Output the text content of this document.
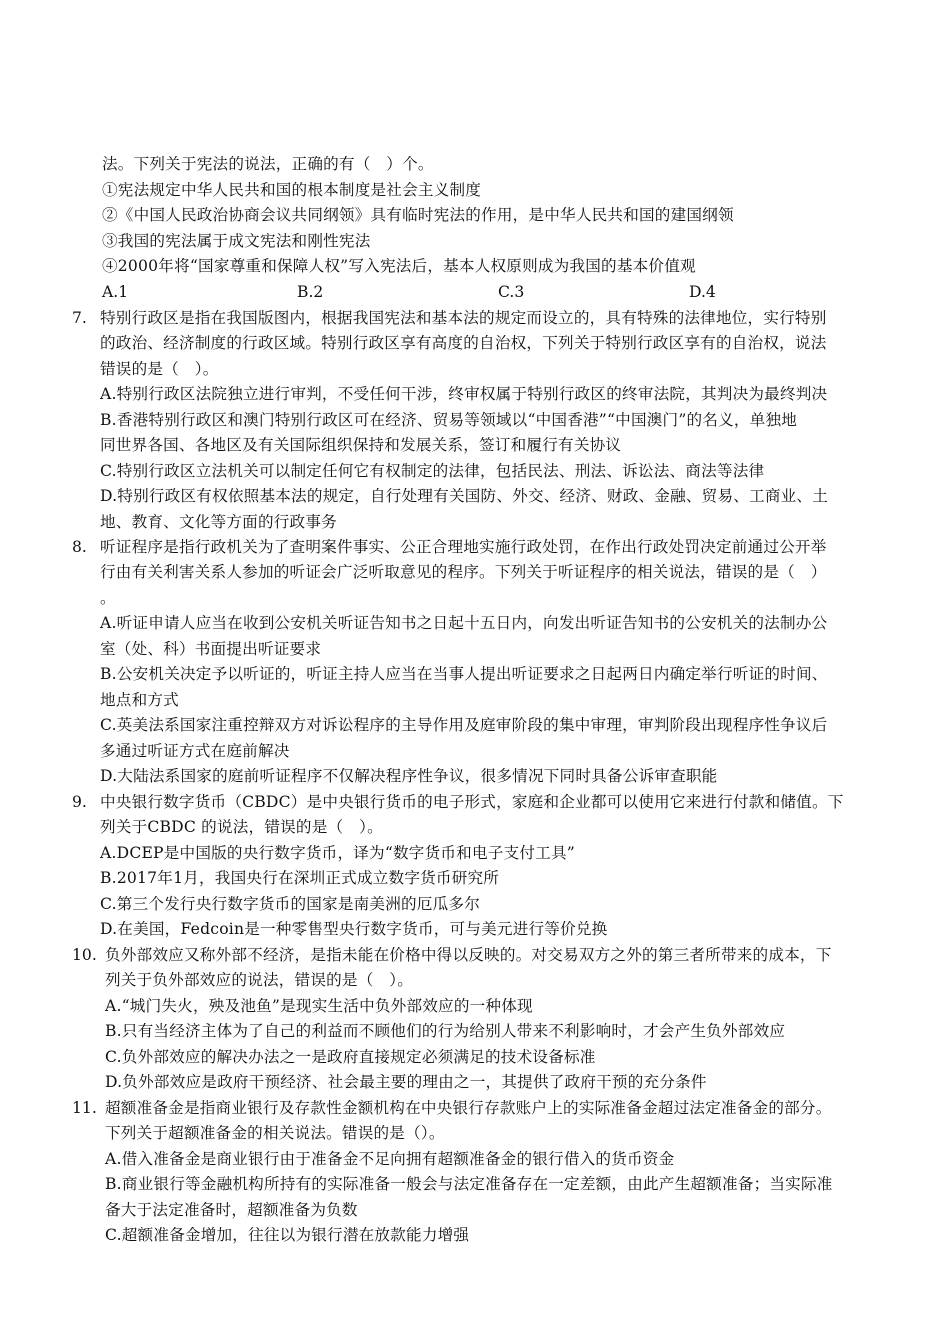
法。下列关于宪法的说法，正确的有（　）个。
①宪法规定中华人民共和国的根本制度是社会主义制度
②《中国人民政治协商会议共同纲领》具有临时宪法的作用，是中华人民共和国的建国纲领
③我国的宪法属于成文宪法和刚性宪法
④2000年将“国家尊重和保障人权”写入宪法后，基本人权原则成为我国的基本价值观
A.1	B.2	C.3	D.4
7. 特别行政区是指在我国版图内，根据我国宪法和基本法的规定而设立的，具有特殊的法律地位，实行特别
的政治、经济制度的行政区域。特别行政区享有高度的自治权，下列关于特别行政区享有的自治权，说法
错误的是（　）。
A.特别行政区法院独立进行审判，不受任何干涉，终审权属于特别行政区的终审法院，其判决为最终判决
B.香港特别行政区和澳门特别行政区可在经济、贸易等领域以“中国香港”“中国澳门”的名义，单独地
同世界各国、各地区及有关国际组织保持和发展关系，签订和履行有关协议
C.特别行政区立法机关可以制定任何它有权制定的法律，包括民法、刑法、诉讼法、商法等法律
D.特别行政区有权依照基本法的规定，自行处理有关国防、外交、经济、财政、金融、贸易、工商业、土
地、教育、文化等方面的行政事务
8. 听证程序是指行政机关为了查明案件事实、公正合理地实施行政处罚，在作出行政处罚决定前通过公开举
行由有关利害关系人参加的听证会广泛听取意见的程序。下列关于听证程序的相关说法，错误的是（　）
。
A.听证申请人应当在收到公安机关听证告知书之日起十五日内，向发出听证告知书的公安机关的法制办公
室（处、科）书面提出听证要求
B.公安机关决定予以听证的，听证主持人应当在当事人提出听证要求之日起两日内确定举行听证的时间、
地点和方式
C.英美法系国家注重控辩双方对诉讼程序的主导作用及庭审阶段的集中审理，审判阶段出现程序性争议后
多通过听证方式在庭前解决
D.大陆法系国家的庭前听证程序不仅解决程序性争议，很多情况下同时具备公诉审查职能
9. 中央银行数字货币（CBDC）是中央银行货币的电子形式，家庭和企业都可以使用它来进行付款和储值。下
列关于CBDC 的说法，错误的是（　）。
A.DCEP是中国版的央行数字货币，译为“数字货币和电子支付工具”
B.2017年1月，我国央行在深圳正式成立数字货币研究所
C.第三个发行央行数字货币的国家是南美洲的厄瓜多尔
D.在美国，Fedcoin是一种零售型央行数字货币，可与美元进行等价兑换
10. 负外部效应又称外部不经济，是指未能在价格中得以反映的。对交易双方之外的第三者所带来的成本，下
列关于负外部效应的说法，错误的是（　）。
A.“城门失火，殃及池鱼”是现实生活中负外部效应的一种体现
B.只有当经济主体为了自己的利益而不顾他们的行为给别人带来不利影响时，才会产生负外部效应
C.负外部效应的解决办法之一是政府直接规定必须满足的技术设备标准
D.负外部效应是政府干预经济、社会最主要的理由之一，其提供了政府干预的充分条件
11. 超额准备金是指商业银行及存款性金额机构在中央银行存款账户上的实际准备金超过法定准备金的部分。
下列关于超额准备金的相关说法。错误的是（）。
A.借入准备金是商业银行由于准备金不足向拥有超额准备金的银行借入的货币资金
B.商业银行等金融机构所持有的实际准备一般会与法定准备存在一定差额，由此产生超额准备；当实际准
备大于法定准备时，超额准备为负数
C.超额准备金增加，往往以为银行潜在放款能力增强
